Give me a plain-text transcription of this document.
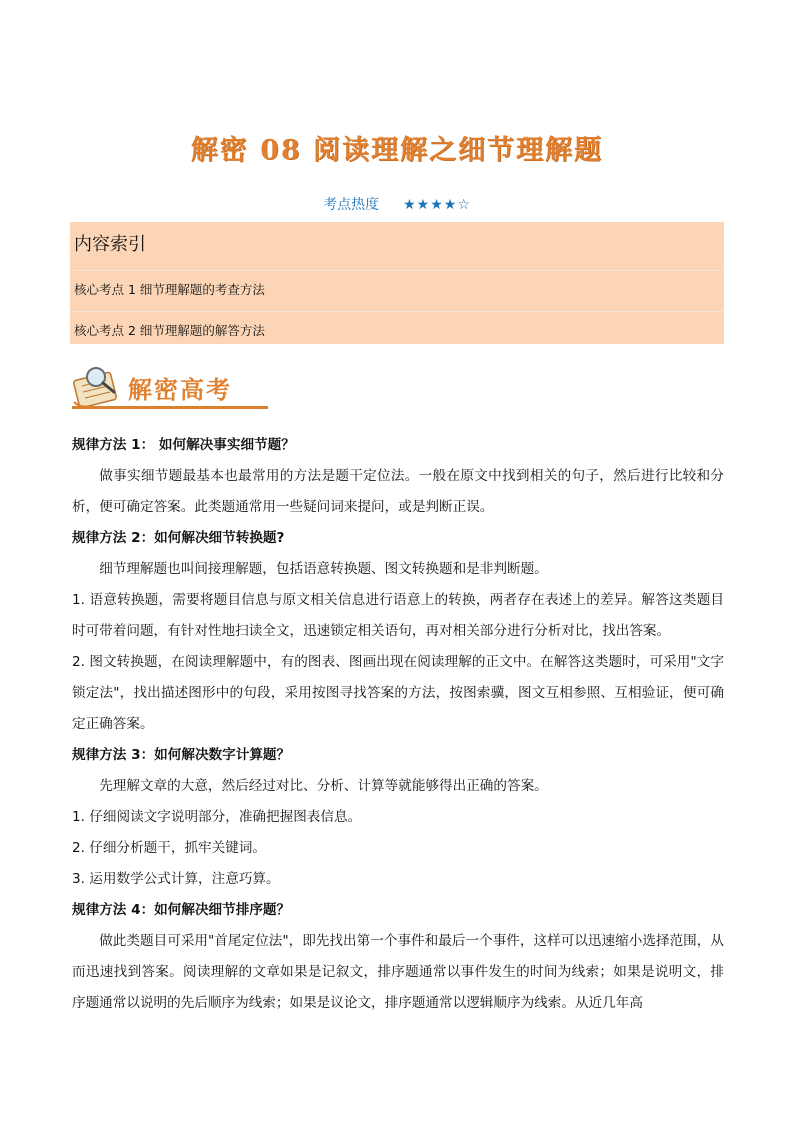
解密 08 阅读理解之细节理解题
考点热度 ★★★★☆
内容索引
核心考点 1 细节理解题的考查方法
核心考点 2 细节理解题的解答方法
解密高考

规律方法 1： 如何解决事实细节题？

做事实细节题最基本也最常用的方法是题干定位法。一般在原文中找到相关的句子，然后进行比较和分析，便可确定答案。此类题通常用一些疑问词来提问，或是判断正误。

规律方法 2：如何解决细节转换题?

细节理解题也叫间接理解题，包括语意转换题、图文转换题和是非判断题。

1. 语意转换题，需要将题目信息与原文相关信息进行语意上的转换，两者存在表述上的差异。解答这类题目时可带着问题，有针对性地扫读全文，迅速锁定相关语句，再对相关部分进行分析对比，找出答案。

2. 图文转换题，在阅读理解题中，有的图表、图画出现在阅读理解的正文中。在解答这类题时，可采用"文字锁定法"，找出描述图形中的句段，采用按图寻找答案的方法，按图索骥，图文互相参照、互相验证，便可确定正确答案。

规律方法 3：如何解决数字计算题？

先理解文章的大意，然后经过对比、分析、计算等就能够得出正确的答案。

1. 仔细阅读文字说明部分，准确把握图表信息。

2. 仔细分析题干，抓牢关键词。

3. 运用数学公式计算，注意巧算。

规律方法 4：如何解决细节排序题？

做此类题目可采用"首尾定位法"，即先找出第一个事件和最后一个事件，这样可以迅速缩小选择范围，从而迅速找到答案。阅读理解的文章如果是记叙文，排序题通常以事件发生的时间为线索；如果是说明文，排序题通常以说明的先后顺序为线索；如果是议论文，排序题通常以逻辑顺序为线索。从近几年高
